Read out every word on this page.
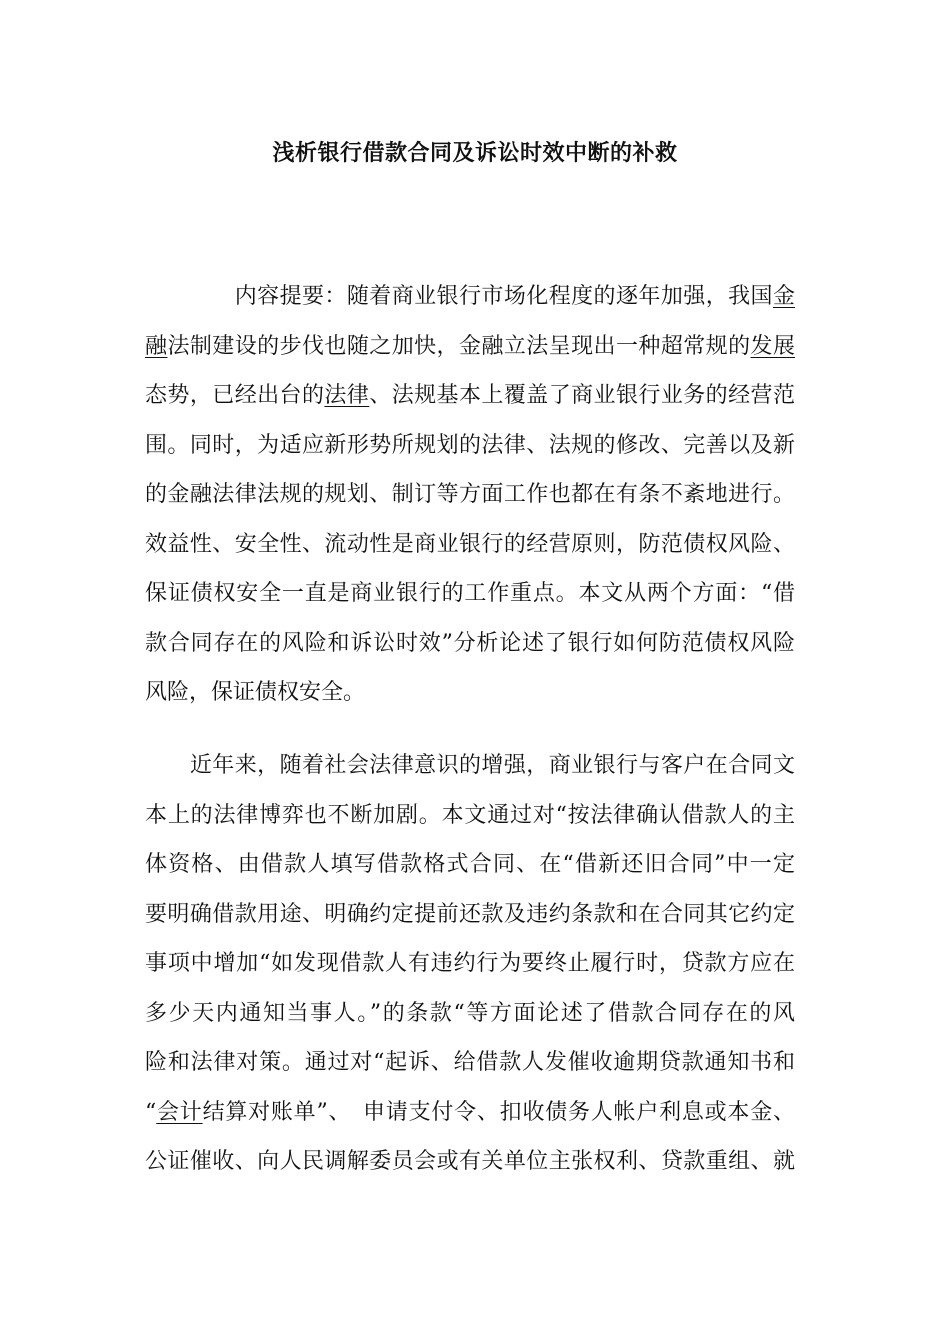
浅析银行借款合同及诉讼时效中断的补救
　　　　内容提要：随着商业银行市场化程度的逐年加强，我国金
融法制建设的步伐也随之加快，金融立法呈现出一种超常规的发展
态势，已经出台的法律、法规基本上覆盖了商业银行业务的经营范
围。同时，为适应新形势所规划的法律、法规的修改、完善以及新
的金融法律法规的规划、制订等方面工作也都在有条不紊地进行。
效益性、安全性、流动性是商业银行的经营原则，防范债权风险、
保证债权安全一直是商业银行的工作重点。本文从两个方面：“借
款合同存在的风险和诉讼时效”分析论述了银行如何防范债权风险
风险，保证债权安全。
　　近年来，随着社会法律意识的增强，商业银行与客户在合同文
本上的法律博弈也不断加剧。本文通过对“按法律确认借款人的主
体资格、由借款人填写借款格式合同、在“借新还旧合同”中一定
要明确借款用途、明确约定提前还款及违约条款和在合同其它约定
事项中增加“如发现借款人有违约行为要终止履行时，贷款方应在
多少天内通知当事人。”的条款“等方面论述了借款合同存在的风
险和法律对策。通过对“起诉、给借款人发催收逾期贷款通知书和
“会计结算对账单”、　申请支付令、扣收债务人帐户利息或本金、
公证催收、向人民调解委员会或有关单位主张权利、贷款重组、就
